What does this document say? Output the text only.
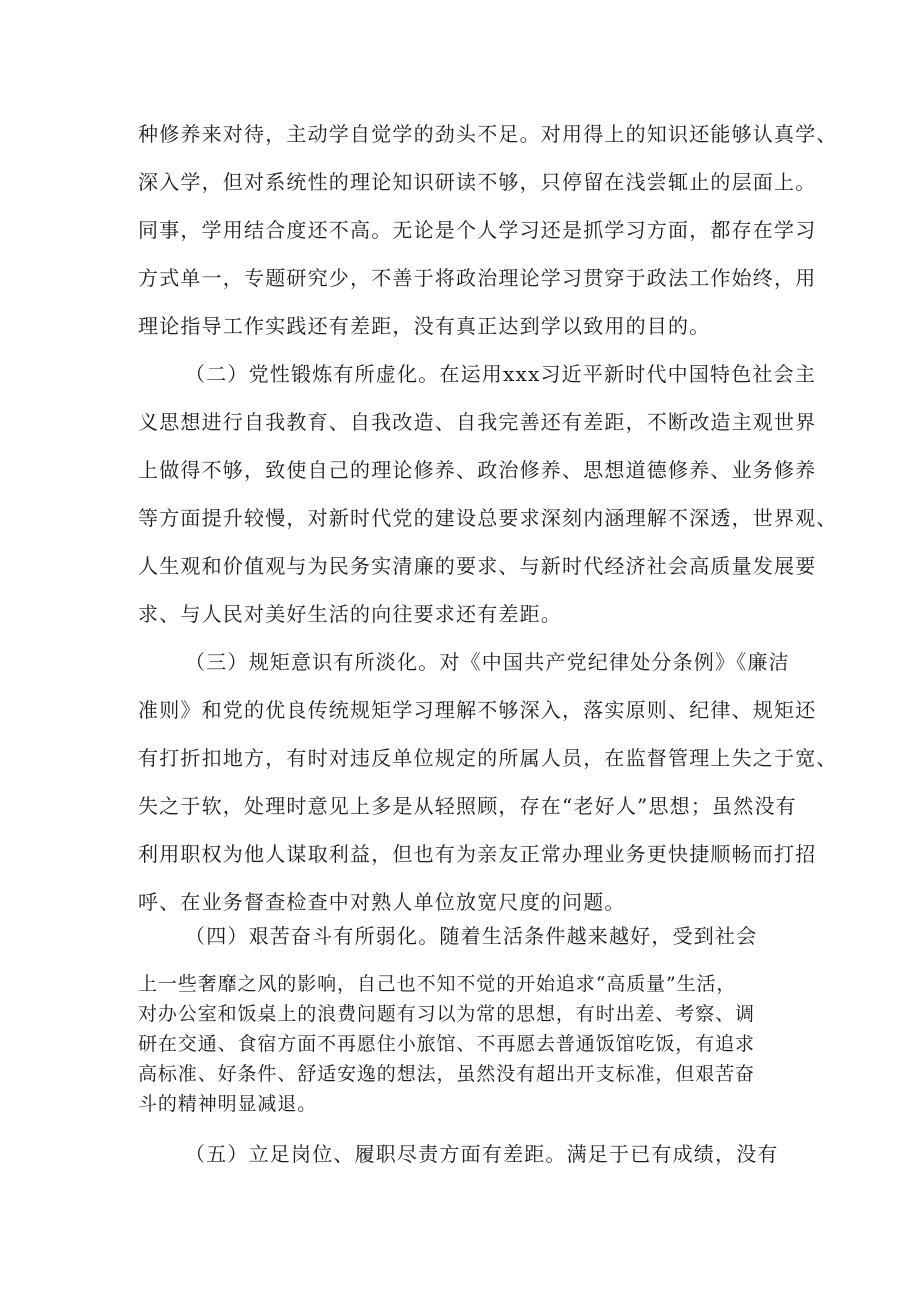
种修养来对待，主动学自觉学的劲头不足。对用得上的知识还能够认真学、
深入学，但对系统性的理论知识研读不够，只停留在浅尝辄止的层面上。
同事，学用结合度还不高。无论是个人学习还是抓学习方面，都存在学习
方式单一，专题研究少，不善于将政治理论学习贯穿于政法工作始终，用
理论指导工作实践还有差距，没有真正达到学以致用的目的。
（二）党性锻炼有所虚化。在运用xxx习近平新时代中国特色社会主
义思想进行自我教育、自我改造、自我完善还有差距，不断改造主观世界
上做得不够，致使自己的理论修养、政治修养、思想道德修养、业务修养
等方面提升较慢，对新时代党的建设总要求深刻内涵理解不深透，世界观、
人生观和价值观与为民务实清廉的要求、与新时代经济社会高质量发展要
求、与人民对美好生活的向往要求还有差距。
（三）规矩意识有所淡化。对《中国共产党纪律处分条例》《廉洁
准则》和党的优良传统规矩学习理解不够深入，落实原则、纪律、规矩还
有打折扣地方，有时对违反单位规定的所属人员，在监督管理上失之于宽、
失之于软，处理时意见上多是从轻照顾，存在“老好人”思想；虽然没有
利用职权为他人谋取利益，但也有为亲友正常办理业务更快捷顺畅而打招
呼、在业务督查检查中对熟人单位放宽尺度的问题。
（四）艰苦奋斗有所弱化。随着生活条件越来越好，受到社会
上一些奢靡之风的影响，自己也不知不觉的开始追求“高质量”生活，
对办公室和饭桌上的浪费问题有习以为常的思想，有时出差、考察、调
研在交通、食宿方面不再愿住小旅馆、不再愿去普通饭馆吃饭，有追求
高标准、好条件、舒适安逸的想法，虽然没有超出开支标准，但艰苦奋
斗的精神明显减退。
（五）立足岗位、履职尽责方面有差距。满足于已有成绩，没有
